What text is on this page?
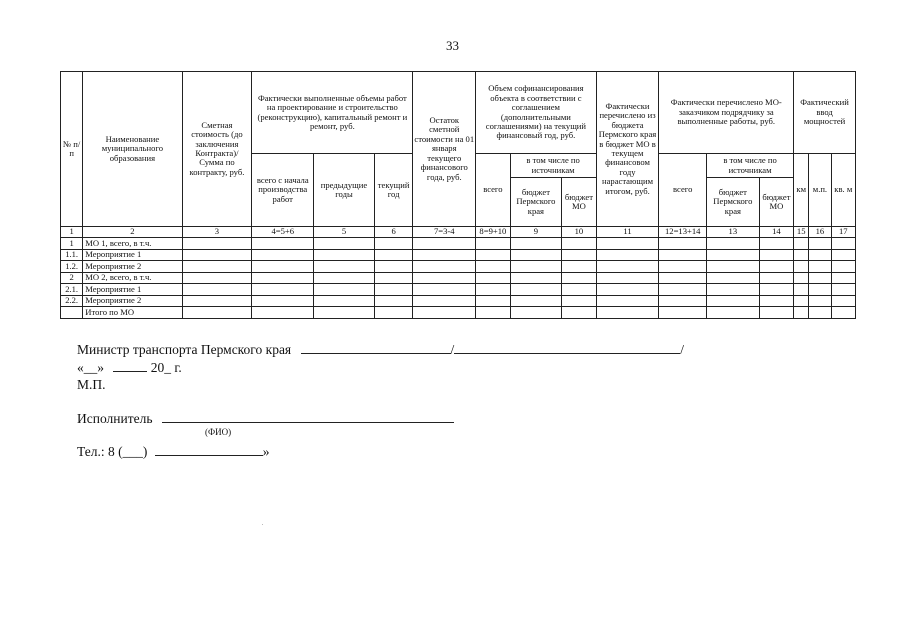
33
№ п/п	Наименование муниципального образования	Сметная стоимость (до заключения Контракта)/ Сумма по контракту, руб.	Фактически выполненные объемы работ на проектирование и строительство (реконструкцию), капитальный ремонт и ремонт, руб.			Остаток сметной стоимости на 01 января текущего финансового года, руб.	Объем софинансирования объекта в соответствии с соглашением (дополнительными соглашениями) на текущий финансовый год, руб.			Фактически перечислено из бюджета Пермского края в бюджет МО в текущем финансовом году нарастающим итогом, руб.	Фактически перечислено МО-заказчиком подрядчику за выполненные работы, руб.			Фактический ввод мощностей		
			всего с начала производства работ	предыдущие годы	текущий год		всего	в том числе по источникам			всего	в том числе по источникам		км	м.п.	кв. м
								бюджет Пермского края	бюджет МО			бюджет Пермского края	бюджет МО			
1	2	3	4=5+6	5	6	7=3-4	8=9+10	9	10	11	12=13+14	13	14	15	16	17
1	МО 1, всего, в т.ч.															
1.1.	Мероприятие 1															
1.2.	Мероприятие 2															
2	МО 2, всего, в т.ч.															
2.1.	Мероприятие 1															
2.2.	Мероприятие 2															
	Итого по МО															
Министр транспорта Пермского края	/	/
«__»	20_ г.
М.П.
Исполнитель
(ФИО)
Тел.: 8 (___)	»
